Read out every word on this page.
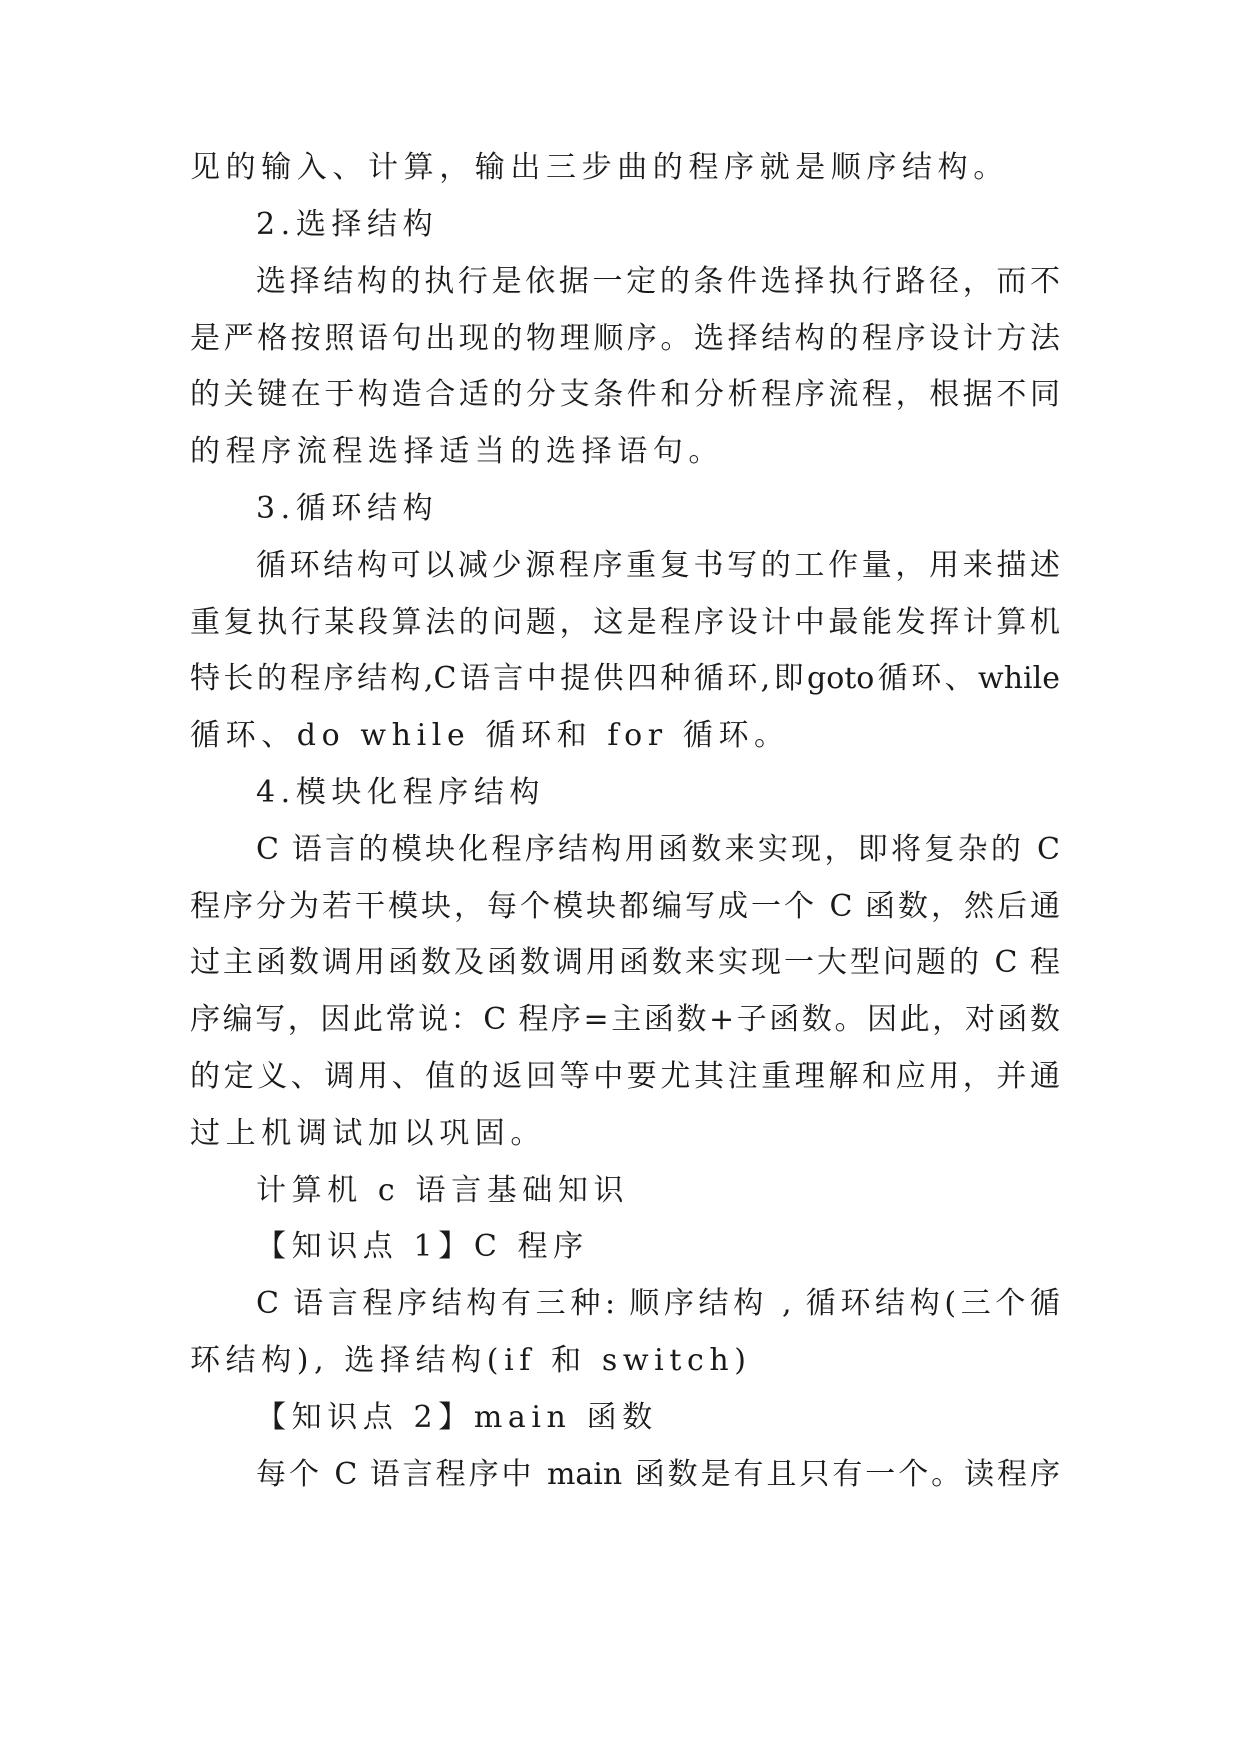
见的输入、计算，输出三步曲的程序就是顺序结构。
2.选择结构
选择结构的执行是依据一定的条件选择执行路径，而不
是严格按照语句出现的物理顺序。选择结构的程序设计方法
的关键在于构造合适的分支条件和分析程序流程，根据不同
的程序流程选择适当的选择语句。
3.循环结构
循环结构可以减少源程序重复书写的工作量，用来描述
重复执行某段算法的问题，这是程序设计中最能发挥计算机
特长的程序结构,C语言中提供四种循环,即goto循环、while
循环、do while 循环和 for 循环。
4.模块化程序结构
C 语言的模块化程序结构用函数来实现，即将复杂的 C
程序分为若干模块，每个模块都编写成一个 C 函数，然后通
过主函数调用函数及函数调用函数来实现一大型问题的 C 程
序编写，因此常说：C 程序=主函数+子函数。因此，对函数
的定义、调用、值的返回等中要尤其注重理解和应用，并通
过上机调试加以巩固。
计算机 c 语言基础知识
【知识点 1】C 程序
C 语言程序结构有三种: 顺序结构 , 循环结构(三个循
环结构), 选择结构(if 和 switch)
【知识点 2】main 函数
每个 C 语言程序中 main 函数是有且只有一个。读程序
